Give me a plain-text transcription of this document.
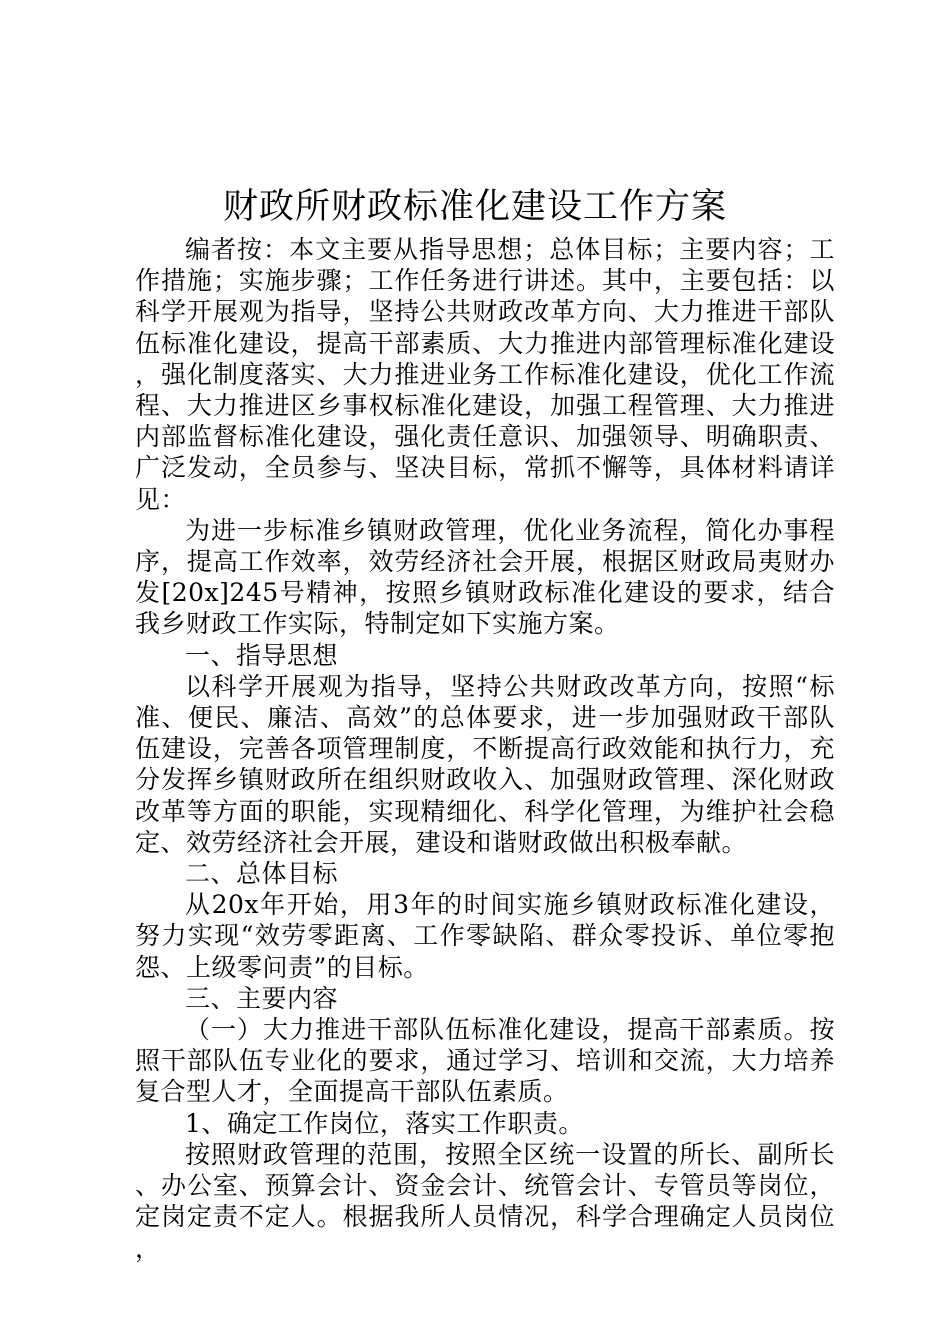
财政所财政标准化建设工作方案

编者按：本文主要从指导思想；总体目标；主要内容；工作措施；实施步骤；工作任务进行讲述。其中，主要包括：以科学开展观为指导，坚持公共财政改革方向、大力推进干部队伍标准化建设，提高干部素质、大力推进内部管理标准化建设，强化制度落实、大力推进业务工作标准化建设，优化工作流程、大力推进区乡事权标准化建设，加强工程管理、大力推进内部监督标准化建设，强化责任意识、加强领导、明确职责、广泛发动，全员参与、坚决目标，常抓不懈等，具体材料请详见：

为进一步标准乡镇财政管理，优化业务流程，简化办事程序，提高工作效率，效劳经济社会开展，根据区财政局夷财办发[20x]245号精神，按照乡镇财政标准化建设的要求，结合我乡财政工作实际，特制定如下实施方案。

一、指导思想

以科学开展观为指导，坚持公共财政改革方向，按照“标准、便民、廉洁、高效”的总体要求，进一步加强财政干部队伍建设，完善各项管理制度，不断提高行政效能和执行力，充分发挥乡镇财政所在组织财政收入、加强财政管理、深化财政改革等方面的职能，实现精细化、科学化管理，为维护社会稳定、效劳经济社会开展，建设和谐财政做出积极奉献。

二、总体目标

从20x年开始，用3年的时间实施乡镇财政标准化建设，努力实现“效劳零距离、工作零缺陷、群众零投诉、单位零抱怨、上级零问责”的目标。

三、主要内容

（一）大力推进干部队伍标准化建设，提高干部素质。按照干部队伍专业化的要求，通过学习、培训和交流，大力培养复合型人才，全面提高干部队伍素质。

1、确定工作岗位，落实工作职责。

按照财政管理的范围，按照全区统一设置的所长、副所长、办公室、预算会计、资金会计、统管会计、专管员等岗位，定岗定责不定人。根据我所人员情况，科学合理确定人员岗位，
